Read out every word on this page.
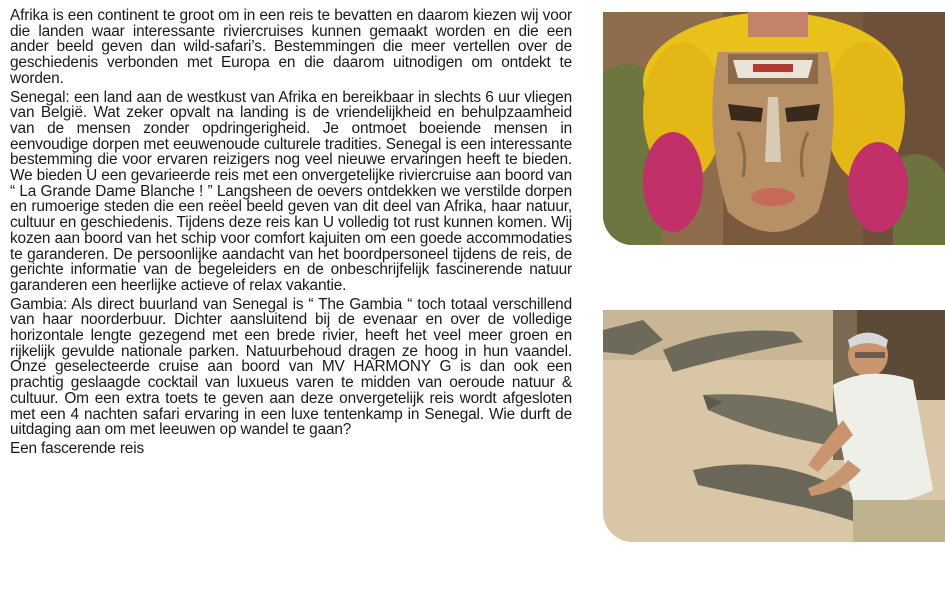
Afrika is een continent te groot om in een reis te bevatten en daarom kiezen wij voor die landen waar interessante riviercruises kunnen gemaakt worden en die een ander beeld geven dan wild-safari’s. Bestemmingen die meer vertellen over de geschiedenis verbonden met Europa en die daarom uitnodigen om ontdekt te worden.

Senegal: een land aan de westkust van Afrika en bereikbaar in slechts 6 uur vliegen van België. Wat zeker opvalt na landing is de vriendelijkheid en behulpzaamheid van de mensen zonder opdringerigheid. Je ontmoet boeiende mensen in eenvoudige dorpen met eeuwenoude culturele tradities. Senegal is een interessante bestemming die voor ervaren reizigers nog veel nieuwe ervaringen heeft te bieden. We bieden U een gevarieerde reis met een onvergetelijke riviercruise aan boord van “ La Grande Dame Blanche ! ” Langsheen de oevers ontdekken we verstilde dorpen en rumoerige steden die een reëel beeld geven van dit deel van Afrika, haar natuur, cultuur en geschiedenis. Tijdens deze reis kan U volledig tot rust kunnen komen. Wij kozen aan boord van het schip voor comfort kajuiten om een goede accommodaties te garanderen. De persoonlijke aandacht van het boordpersoneel tijdens de reis, de gerichte informatie van de begeleiders en de onbeschrijfelijk fascinerende natuur garanderen een heerlijke actieve of relax vakantie.

Gambia: Als direct buurland van Senegal is “ The Gambia “ toch totaal verschillend van haar noorderbuur. Dichter aansluitend bij de evenaar en over de volledige horizontale lengte gezegend met een brede rivier, heeft het veel meer groen en rijkelijk gevulde nationale parken. Natuurbehoud dragen ze hoog in hun vaandel. Onze geselecteerde cruise aan boord van MV HARMONY G is dan ook een prachtig geslaagde cocktail van luxueus varen te midden van oeroude natuur & cultuur. Om een extra toets te geven aan deze onvergetelijk reis wordt afgesloten met een 4 nachten safari ervaring in een luxe tentenkamp in Senegal. Wie durft de uitdaging aan om met leeuwen op wandel te gaan?

Een fascerende reis
